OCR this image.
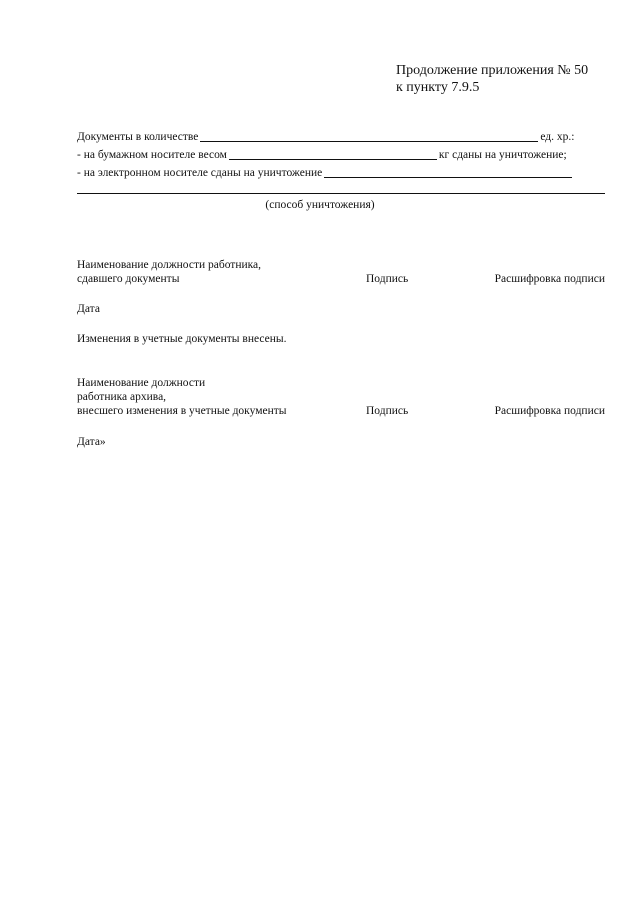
Продолжение приложения № 50
к пункту 7.9.5
Документы в количестве	ед. хр.:
- на бумажном носителе весом	кг сданы на уничтожение;
- на электронном носителе сданы на уничтожение
(способ уничтожения)
Наименование должности работника,
сдавшего документы	Подпись	Расшифровка подписи
Дата
Изменения в учетные документы внесены.
Наименование должности
работника архива,
внесшего изменения в учетные документы	Подпись	Расшифровка подписи
Дата»
